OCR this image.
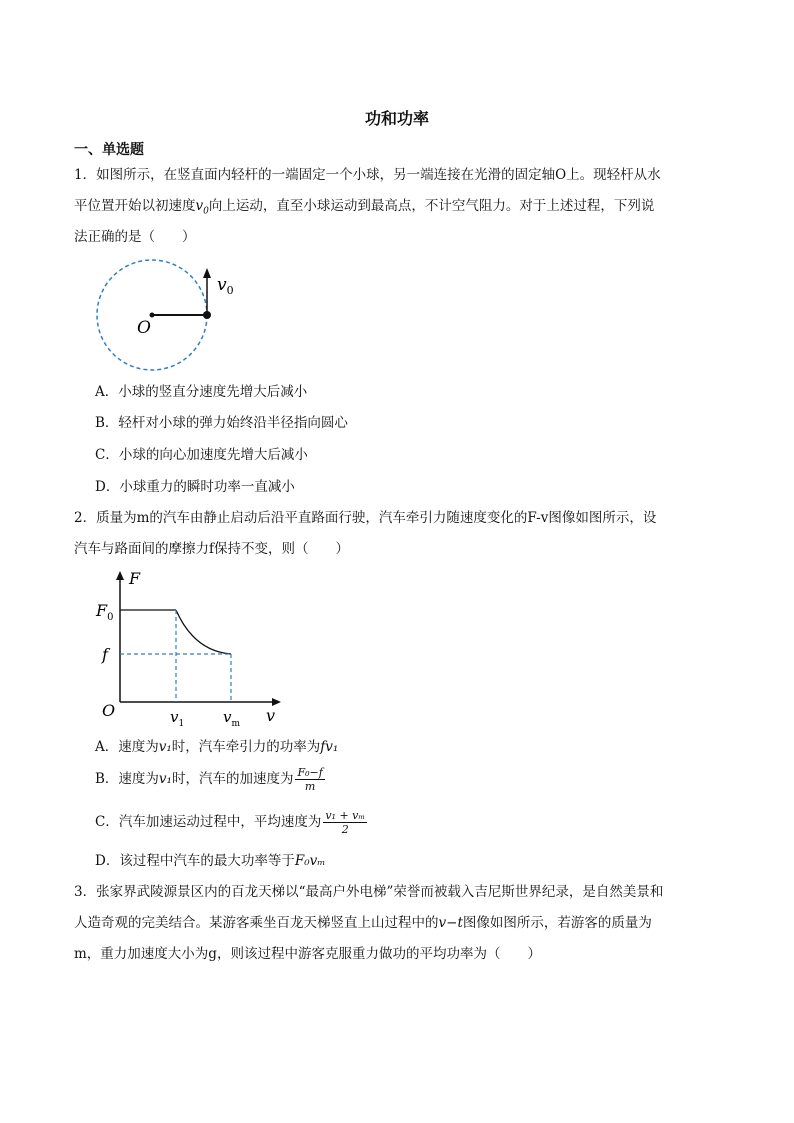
功和功率
一、单选题
1．如图所示，在竖直面内轻杆的一端固定一个小球，另一端连接在光滑的固定轴O上。现轻杆从水
平位置开始以初速度$v_0$向上运动，直至小球运动到最高点，不计空气阻力。对于上述过程，下列说
法正确的是（　　）
O
$v_0$
A．小球的竖直分速度先增大后减小
B．轻杆对小球的弹力始终沿半径指向圆心
C．小球的向心加速度先增大后减小
D．小球重力的瞬时功率一直减小
2．质量为m的汽车由静止启动后沿平直路面行驶，汽车牵引力随速度变化的F-v图像如图所示，设
汽车与路面间的摩擦力f保持不变，则（　　）
F
v
O
$F_0$
f
$v_1$	$v_m$
A．速度为v₁时，汽车牵引力的功率为fv₁
B．速度为v₁时，汽车的加速度为 $\frac{\text{F₀−f}}{m}$
C．汽车加速运动过程中，平均速度为 $\frac{\text{v₁ + vₘ}}{2}$
D．该过程中汽车的最大功率等于F₀vₘ
3．张家界武陵源景区内的百龙天梯以“最高户外电梯”荣誉而被载入吉尼斯世界纪录，是自然美景和
人造奇观的完美结合。某游客乘坐百龙天梯竖直上山过程中的v−t图像如图所示，若游客的质量为
m，重力加速度大小为g，则该过程中游客克服重力做功的平均功率为（　　）
